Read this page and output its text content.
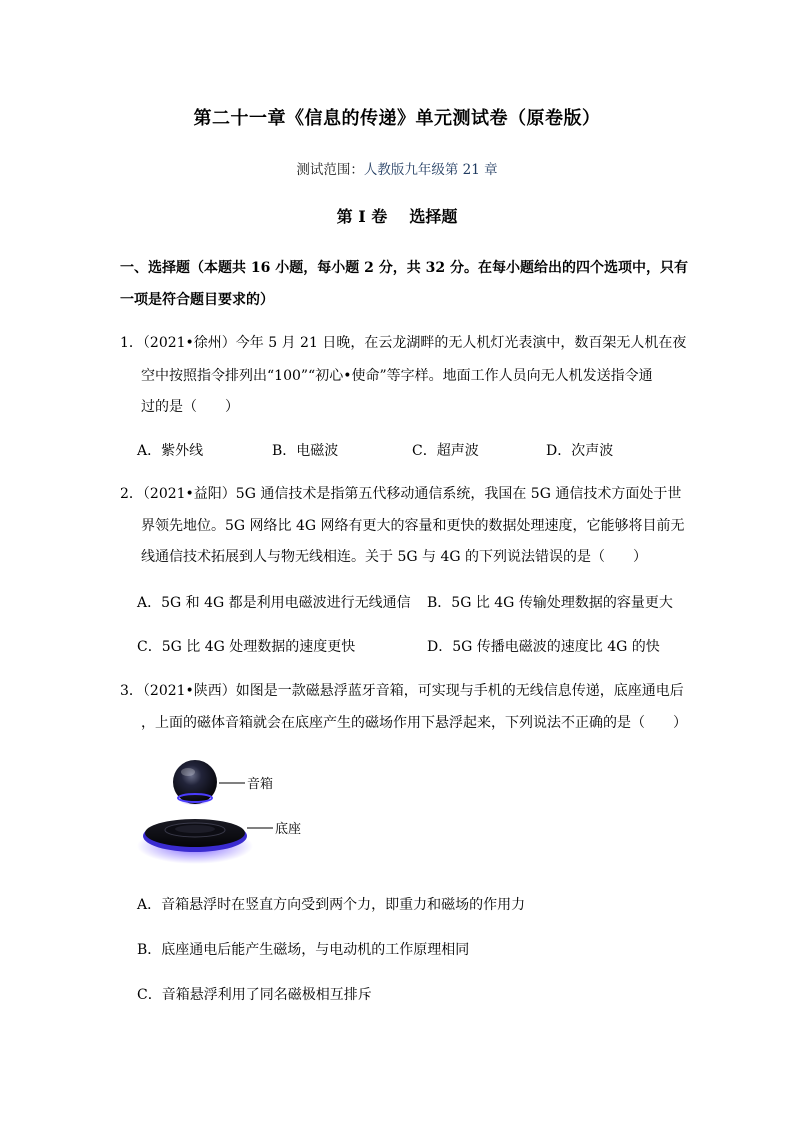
第二十一章《信息的传递》单元测试卷（原卷版）
测试范围：人教版九年级第 21 章
第 I 卷 选择题
一、选择题（本题共 16 小题，每小题 2 分，共 32 分。在每小题给出的四个选项中，只有
一项是符合题目要求的）
1．（2021•徐州）今年 5 月 21 日晚，在云龙湖畔的无人机灯光表演中，数百架无人机在夜
空中按照指令排列出“100”“初心•使命”等字样。地面工作人员向无人机发送指令通
过的是（　　）
A．紫外线	B．电磁波	C．超声波	D．次声波
2．（2021•益阳）5G 通信技术是指第五代移动通信系统，我国在 5G 通信技术方面处于世
界领先地位。5G 网络比 4G 网络有更大的容量和更快的数据处理速度，它能够将目前无
线通信技术拓展到人与物无线相连。关于 5G 与 4G 的下列说法错误的是（　　）
A．5G 和 4G 都是利用电磁波进行无线通信 B．5G 比 4G 传输处理数据的容量更大
C．5G 比 4G 处理数据的速度更快	D．5G 传播电磁波的速度比 4G 的快
3．（2021•陕西）如图是一款磁悬浮蓝牙音箱，可实现与手机的无线信息传递，底座通电后
，上面的磁体音箱就会在底座产生的磁场作用下悬浮起来，下列说法不正确的是（　　）
音箱
底座
A．音箱悬浮时在竖直方向受到两个力，即重力和磁场的作用力
B．底座通电后能产生磁场，与电动机的工作原理相同
C．音箱悬浮利用了同名磁极相互排斥
